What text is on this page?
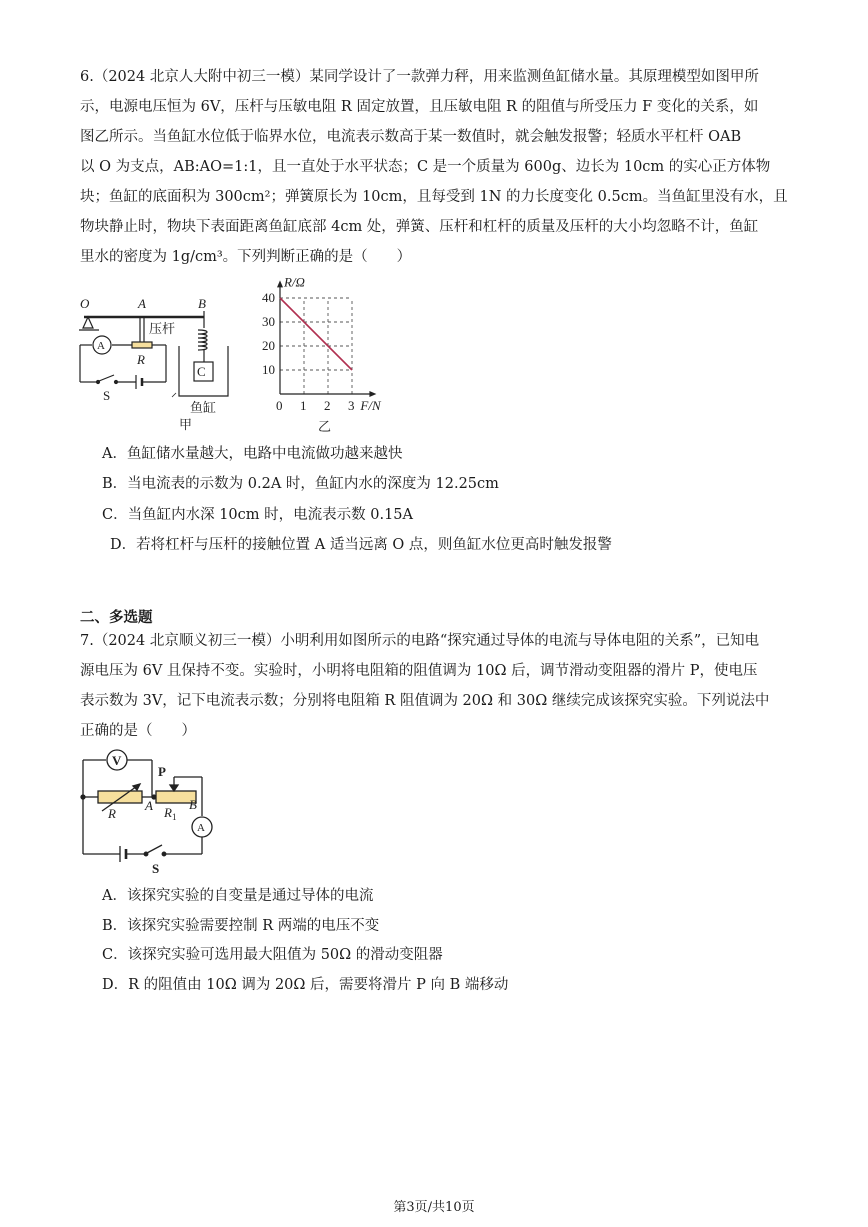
6.（2024 北京人大附中初三一模）某同学设计了一款弹力秤，用来监测鱼缸储水量。其原理模型如图甲所

示，电源电压恒为 6V，压杆与压敏电阻 R 固定放置，且压敏电阻 R 的阻值与所受压力 F 变化的关系，如

图乙所示。当鱼缸水位低于临界水位，电流表示数高于某一数值时，就会触发报警；轻质水平杠杆 OAB

以 O 为支点，AB:AO=1:1，且一直处于水平状态；C 是一个质量为 600g、边长为 10cm 的实心正方体物

块；鱼缸的底面积为 300cm²；弹簧原长为 10cm，且每受到 1N 的力长度变化 0.5cm。当鱼缸里没有水，且

物块静止时，物块下表面距离鱼缸底部 4cm 处，弹簧、压杆和杠杆的质量及压杆的大小均忽略不计，鱼缸

里水的密度为 1g/cm³。下列判断正确的是（　　）

O	A	B
R
C
压杆
A
S
鱼缸
甲
0 1 2 3
10
20
30
40
R/Ω
F/N
乙
A．鱼缸储水量越大，电路中电流做功越来越快
B．当电流表的示数为 0.2A 时，鱼缸内水的深度为 12.25cm
C．当鱼缸内水深 10cm 时，电流表示数 0.15A
D．若将杠杆与压杆的接触位置 A 适当远离 O 点，则鱼缸水位更高时触发报警
二、多选题

7.（2024 北京顺义初三一模）小明利用如图所示的电路“探究通过导体的电流与导体电阻的关系”，已知电

源电压为 6V 且保持不变。实验时，小明将电阻箱的阻值调为 10Ω 后，调节滑动变阻器的滑片 P，使电压

表示数为 3V，记下电流表示数；分别将电阻箱 R 阻值调为 20Ω 和 30Ω 继续完成该探究实验。下列说法中

正确的是（　　）

V
P
R
A $R_1$
B
A
S
A．该探究实验的自变量是通过导体的电流
B．该探究实验需要控制 R 两端的电压不变
C．该探究实验可选用最大阻值为 50Ω 的滑动变阻器
D．R 的阻值由 10Ω 调为 20Ω 后，需要将滑片 P 向 B 端移动
第3页/共10页
